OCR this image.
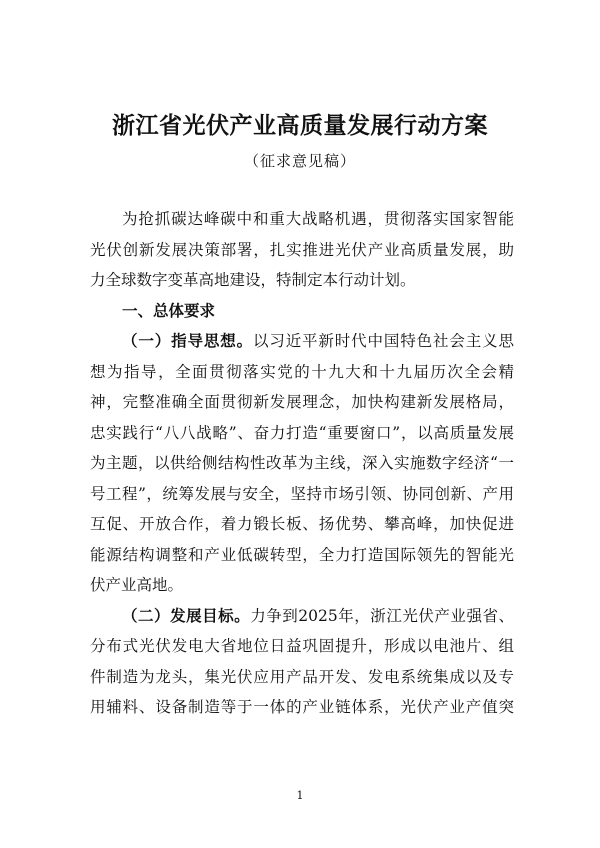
浙江省光伏产业高质量发展行动方案
（征求意见稿）
为抢抓碳达峰碳中和重大战略机遇，贯彻落实国家智能
光伏创新发展决策部署，扎实推进光伏产业高质量发展，助
力全球数字变革高地建设，特制定本行动计划。
一、总体要求
（一）指导思想。以习近平新时代中国特色社会主义思
想为指导，全面贯彻落实党的十九大和十九届历次全会精
神，完整准确全面贯彻新发展理念，加快构建新发展格局，
忠实践行“八八战略”、奋力打造“重要窗口”，以高质量发展
为主题，以供给侧结构性改革为主线，深入实施数字经济“一
号工程”，统筹发展与安全，坚持市场引领、协同创新、产用
互促、开放合作，着力锻长板、扬优势、攀高峰，加快促进
能源结构调整和产业低碳转型，全力打造国际领先的智能光
伏产业高地。
（二）发展目标。力争到2025年，浙江光伏产业强省、
分布式光伏发电大省地位日益巩固提升，形成以电池片、组
件制造为龙头，集光伏应用产品开发、发电系统集成以及专
用辅料、设备制造等于一体的产业链体系，光伏产业产值突
1
